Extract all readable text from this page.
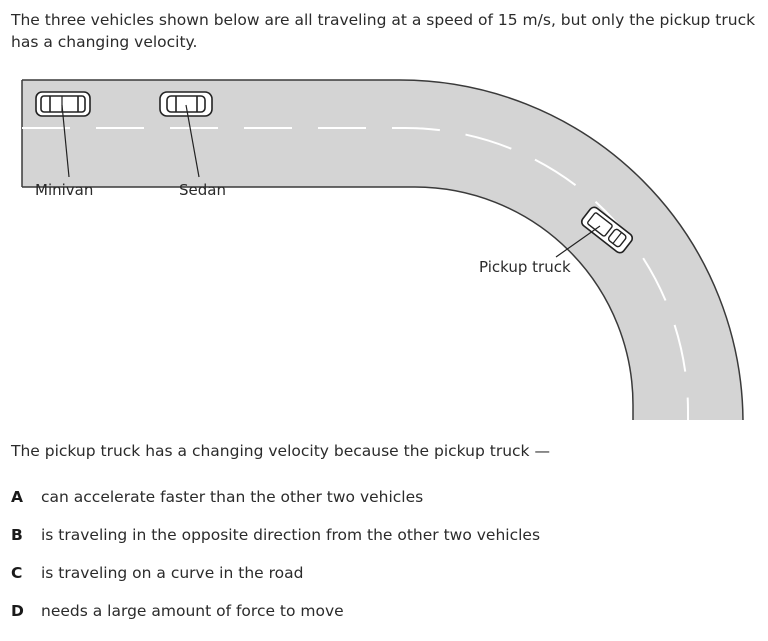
The three vehicles shown below are all traveling at a speed of 15 m/s, but only the pickup truck has a changing velocity.

Minivan	Sedan
Pickup truck

The pickup truck has a changing velocity because the pickup truck —

A	can accelerate faster than the other two vehicles
B	is traveling in the opposite direction from the other two vehicles
C	is traveling on a curve in the road
D	needs a large amount of force to move
